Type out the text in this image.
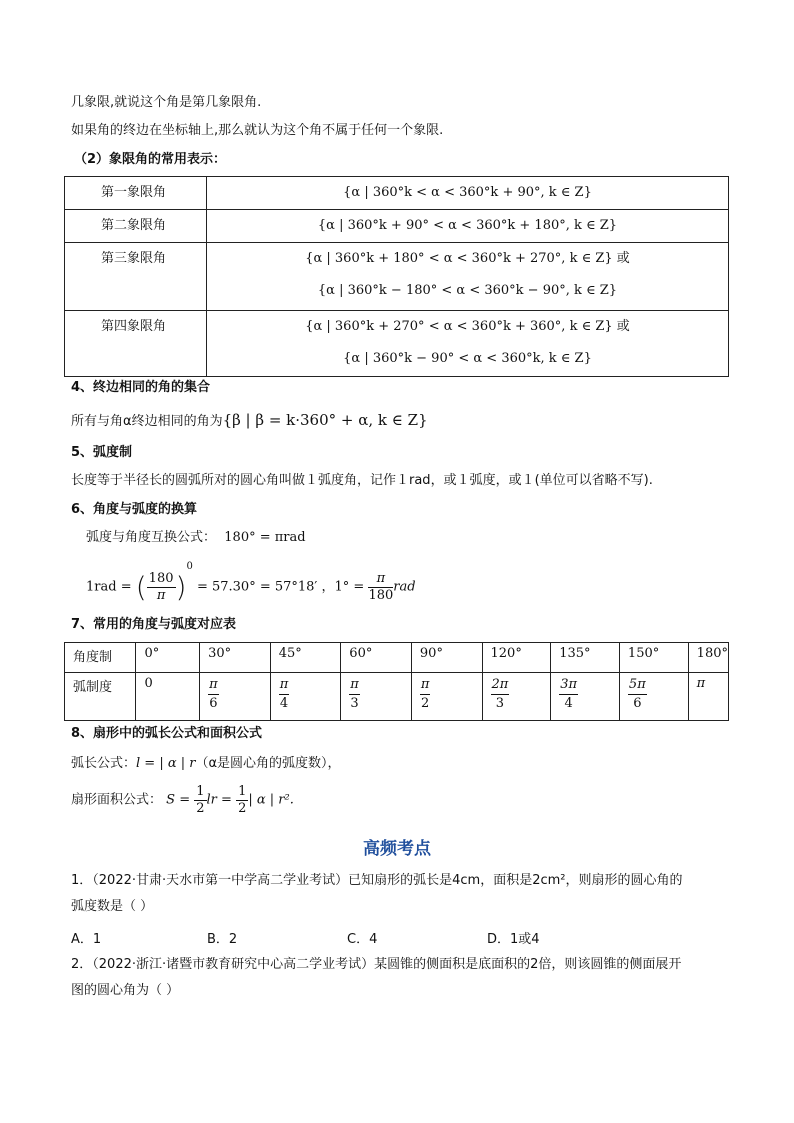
几象限,就说这个角是第几象限角.
如果角的终边在坐标轴上,那么就认为这个角不属于任何一个象限.
（2）象限角的常用表示：
第一象限角	{α | 360°k < α < 360°k + 90°, k ∈ Z}

第二象限角	{α | 360°k + 90° < α < 360°k + 180°, k ∈ Z}

第三象限角	{α | 360°k + 180° < α < 360°k + 270°, k ∈ Z} 或
{α | 360°k − 180° < α < 360°k − 90°, k ∈ Z}

第四象限角	{α | 360°k + 270° < α < 360°k + 360°, k ∈ Z} 或
{α | 360°k − 90° < α < 360°k, k ∈ Z}
4、终边相同的角的集合
所有与角α终边相同的角为{β | β = k·360° + α, k ∈ Z}
5、弧度制
长度等于半径长的圆弧所对的圆心角叫做１弧度角，记作１rad，或１弧度，或１(单位可以省略不写).
6、角度与弧度的换算
弧度与角度互换公式： 180° = πrad
1rad = ( $\frac{180}{\pi} )^0 = 57.30^\circ = 57^\circ 18'$ ，$1^\circ = \frac{\pi}{180}$ rad
7、常用的角度与弧度对应表
角度制	0°	30°	45°	60°	90°	120°	135°	150°	180°
弧制度	0	$\frac{\pi}{6}$	$\frac{\pi}{4}$	$\frac{\pi}{3}$	$\frac{\pi}{2}$	$\frac{2\pi}{3}$	$\frac{3\pi}{4}$	$\frac{5\pi}{6}$	π
8、扇形中的弧长公式和面积公式
弧长公式：l = | α | r（α是圆心角的弧度数），
扇形面积公式： $S = \frac{1}{2}$ lr = $\frac{1}{2}$ | α | r².
高频考点
1．（2022·甘肃·天水市第一中学高二学业考试）已知扇形的弧长是4cm，面积是2cm²，则扇形的圆心角的
弧度数是（ ）
A．1	B．2	C．4	D．1或4
2．（2022·浙江·诸暨市教育研究中心高二学业考试）某圆锥的侧面积是底面积的2倍，则该圆锥的侧面展开
图的圆心角为（ ）
